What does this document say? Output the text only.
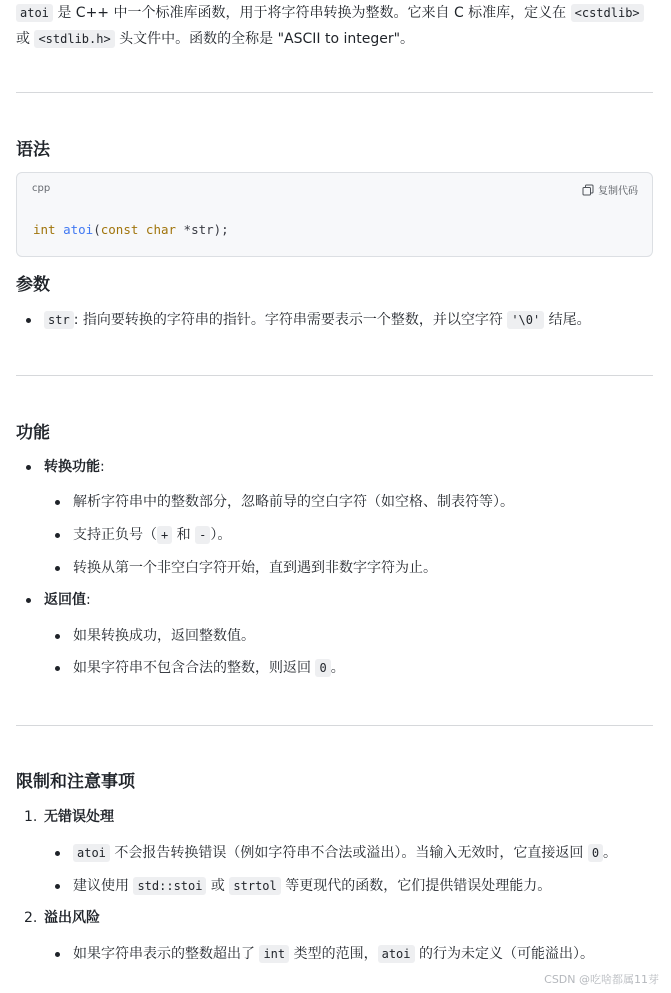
atoi 是 C++ 中一个标准库函数，用于将字符串转换为整数。它来自 C 标准库，定义在 <cstdlib>
或 <stdlib.h> 头文件中。函数的全称是 "ASCII to integer"。
语法
cpp	复制代码
int atoi(const char *str);
参数
str : 指向要转换的字符串的指针。字符串需要表示一个整数，并以空字符 '\0' 结尾。
功能
转换功能:
解析字符串中的整数部分，忽略前导的空白字符（如空格、制表符等）。
支持正负号（ + 和 - ）。
转换从第一个非空白字符开始，直到遇到非数字字符为止。
返回值:
如果转换成功，返回整数值。
如果字符串不包含合法的整数，则返回 0 。
限制和注意事项
1. 无错误处理
atoi 不会报告转换错误（例如字符串不合法或溢出）。当输入无效时，它直接返回 0 。
建议使用 std::stoi 或 strtol 等更现代的函数，它们提供错误处理能力。
2. 溢出风险
如果字符串表示的整数超出了 int 类型的范围， atoi 的行为未定义（可能溢出）。
CSDN @吃啥都属11芽
